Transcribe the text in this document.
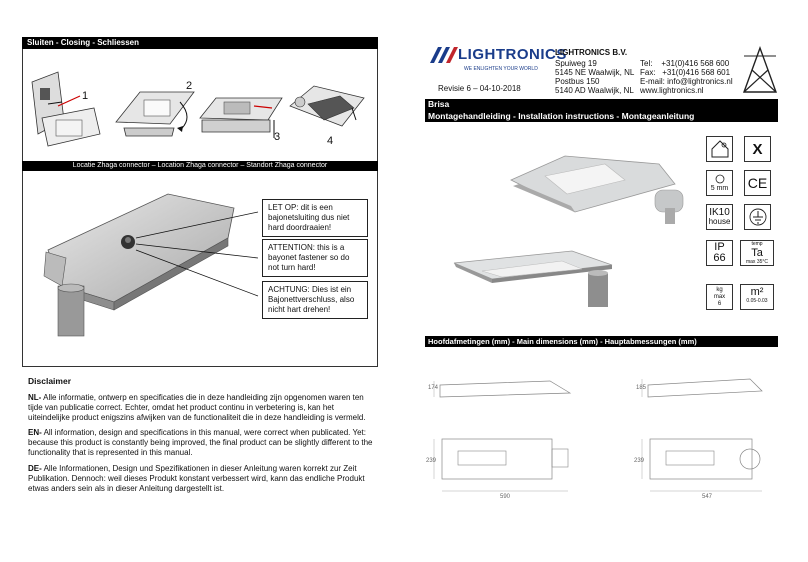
Sluiten - Closing - Schliessen
1
2
3	4
Locatie Zhaga connector – Location Zhaga connector – Standort Zhaga connector
LET OP: dit is een bajonetsluiting dus niet hard doordraaien!
ATTENTION: this is a bayonet fastener so do not turn hard!
ACHTUNG: Dies ist ein Bajonettverschluss, also nicht hart drehen!
Disclaimer
NL- Alle informatie, ontwerp en specificaties die in deze handleiding zijn opgenomen waren ten tijde van publicatie correct. Echter, omdat het product continu in verbetering is, kan het uiteindelijke product enigszins afwijken van de functionaliteit die in deze handleiding is vermeld.
EN- All information, design and specifications in this manual, were correct when publicated. Yet: because this product is constantly being improved, the final product can be slightly different to the functionality that is represented in this manual.
DE- Alle Informationen, Design und Spezifikationen in dieser Anleitung waren korrekt zur Zeit Publikation. Dennoch: weil dieses Produkt konstant verbessert wird, kann das endliche Produkt etwas anders sein als in dieser Anleitung dargestellt ist.
LIGHTRONICS
WE ENLIGHTEN YOUR WORLD
Revisie 6 – 04-10-2018
LIGHTRONICS B.V.
Spuiweg 19
5145 NE Waalwijk, NL
Postbus 150
5140 AD Waalwijk, NL
Tel:    +31(0)416 568 600
Fax:   +31(0)416 568 601
E-mail: info@lightronics.nl
www.lightronics.nl
Brisa
Montagehandleiding - Installation instructions - Montageanleitung
X
5 mm CE
IK10
house
IP
66
temp
Ta
max 35°C
kg
max
6
m²
0.05-0.03
Hoofdafmetingen (mm) - Main dimensions (mm) - Hauptabmessungen (mm)
174
239
590
185
239
547
